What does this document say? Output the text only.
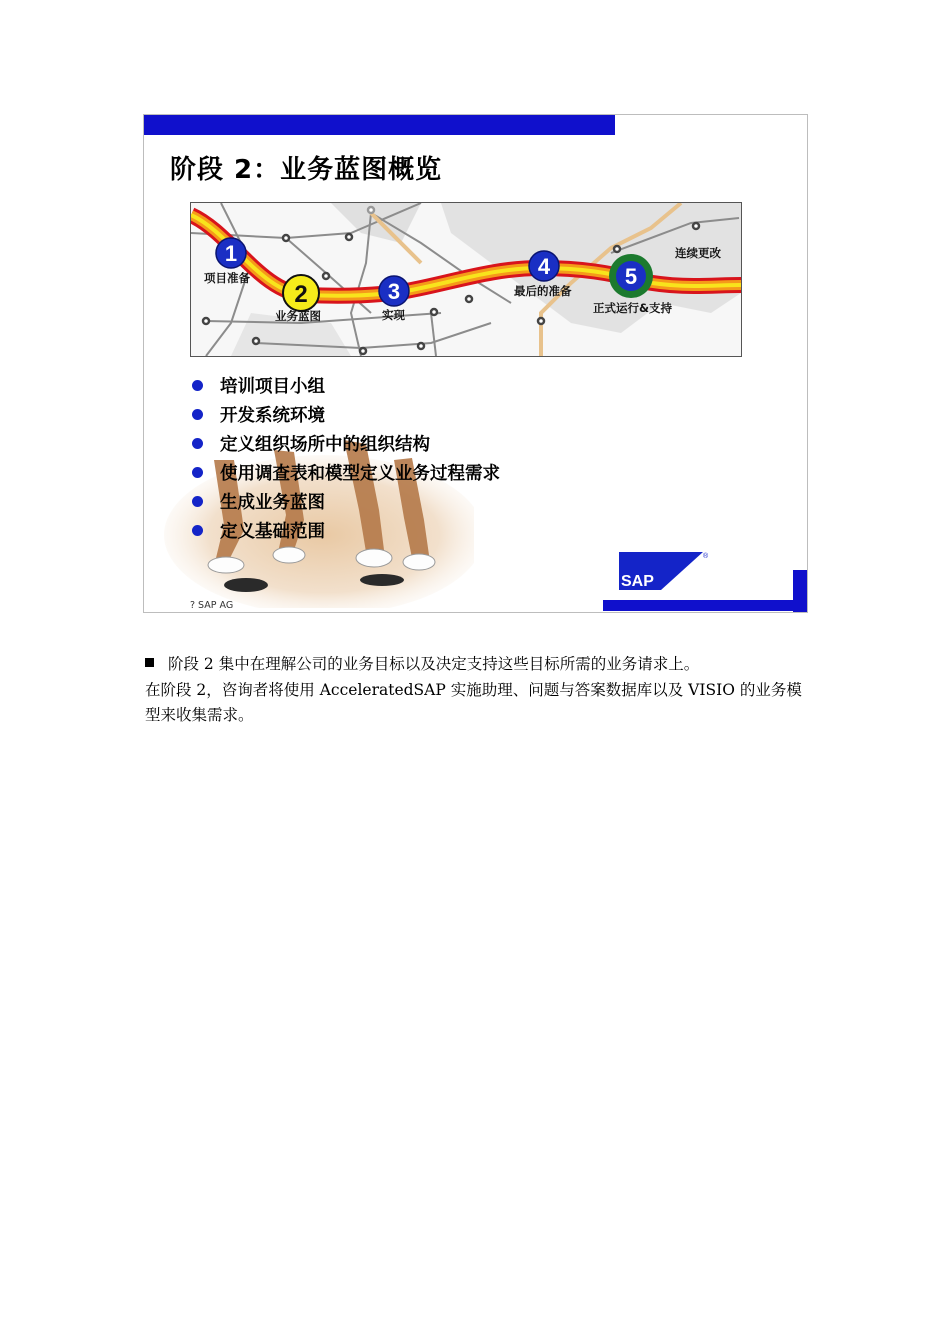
阶段 2：业务蓝图概览
1
2	3
4	5
项目准备
业务蓝图	实现
最后的准备
正式运行&支持
连续更改
培训项目小组
开发系统环境
定义组织场所中的组织结构
使用调查表和模型定义业务过程需求
生成业务蓝图
定义基础范围
SAP
®
? SAP AG

阶段 2 集中在理解公司的业务目标以及决定支持这些目标所需的业务请求上。

在阶段 2，咨询者将使用 AcceleratedSAP 实施助理、问题与答案数据库以及 VISIO 的业务模型来收集需求。
